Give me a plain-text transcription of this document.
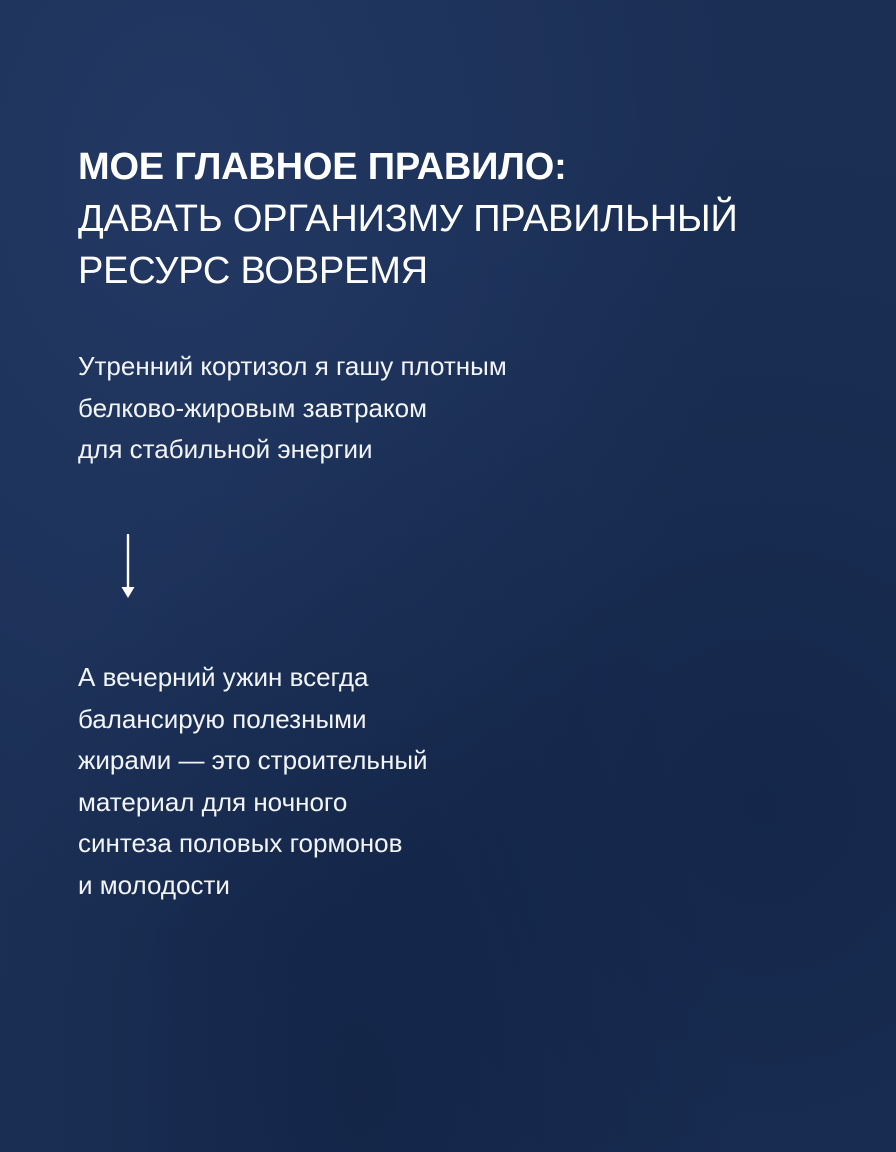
МОЕ ГЛАВНОЕ ПРАВИЛО:
ДАВАТЬ ОРГАНИЗМУ ПРАВИЛЬНЫЙ
РЕСУРС ВОВРЕМЯ

Утренний кортизол я гашу плотным
белково-жировым завтраком
для стабильной энергии

А вечерний ужин всегда
балансирую полезными
жирами — это строительный
материал для ночного
синтеза половых гормонов
и молодости
